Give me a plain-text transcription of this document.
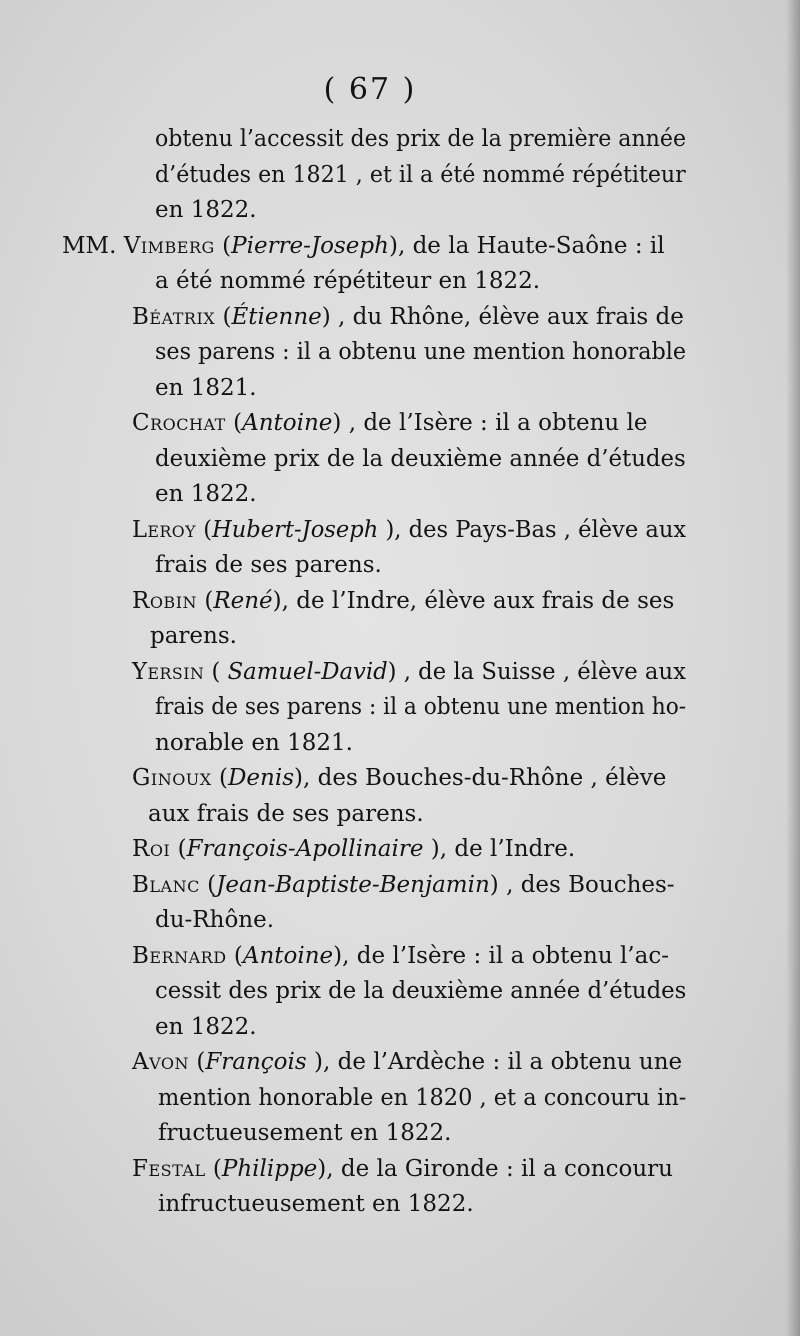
( 67 )
obtenu l’accessit des prix de la première année
d’études en 1821 , et il a été nommé répétiteur
en 1822.
MM. Vimberg (Pierre-Joseph), de la Haute-Saône : il
a été nommé répétiteur en 1822.
Béatrix (Étienne) , du Rhône, élève aux frais de
ses parens : il a obtenu une mention honorable
en 1821.
Crochat (Antoine) , de l’Isère : il a obtenu le
deuxième prix de la deuxième année d’études
en 1822.
Leroy (Hubert-Joseph ), des Pays-Bas , élève aux
frais de ses parens.
Robin (René), de l’Indre, élève aux frais de ses
parens.
Yersin ( Samuel-David) , de la Suisse , élève aux
frais de ses parens : il a obtenu une mention ho-
norable en 1821.
Ginoux (Denis), des Bouches-du-Rhône , élève
aux frais de ses parens.
Roi (François-Apollinaire ), de l’Indre.
Blanc (Jean-Baptiste-Benjamin) , des Bouches-
du-Rhône.
Bernard (Antoine), de l’Isère : il a obtenu l’ac-
cessit des prix de la deuxième année d’études
en 1822.
Avon (François ), de l’Ardèche : il a obtenu une
mention honorable en 1820 , et a concouru in-
fructueusement en 1822.
Festal (Philippe), de la Gironde : il a concouru
infructueusement en 1822.
